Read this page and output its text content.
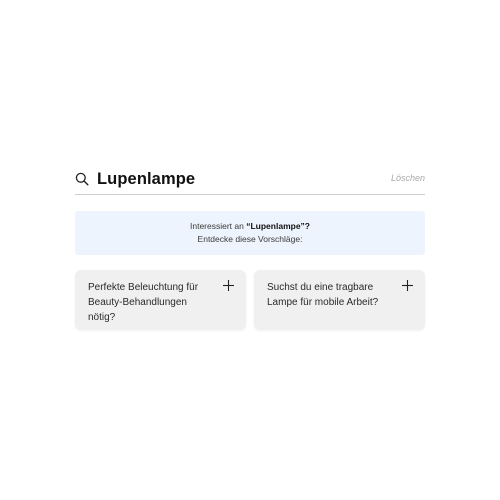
Lupenlampe	Löschen
Interessiert an “Lupenlampe”?
Entdecke diese Vorschläge:
Perfekte Beleuchtung für Beauty-Behandlungen nötig?
Suchst du eine tragbare Lampe für mobile Arbeit?
